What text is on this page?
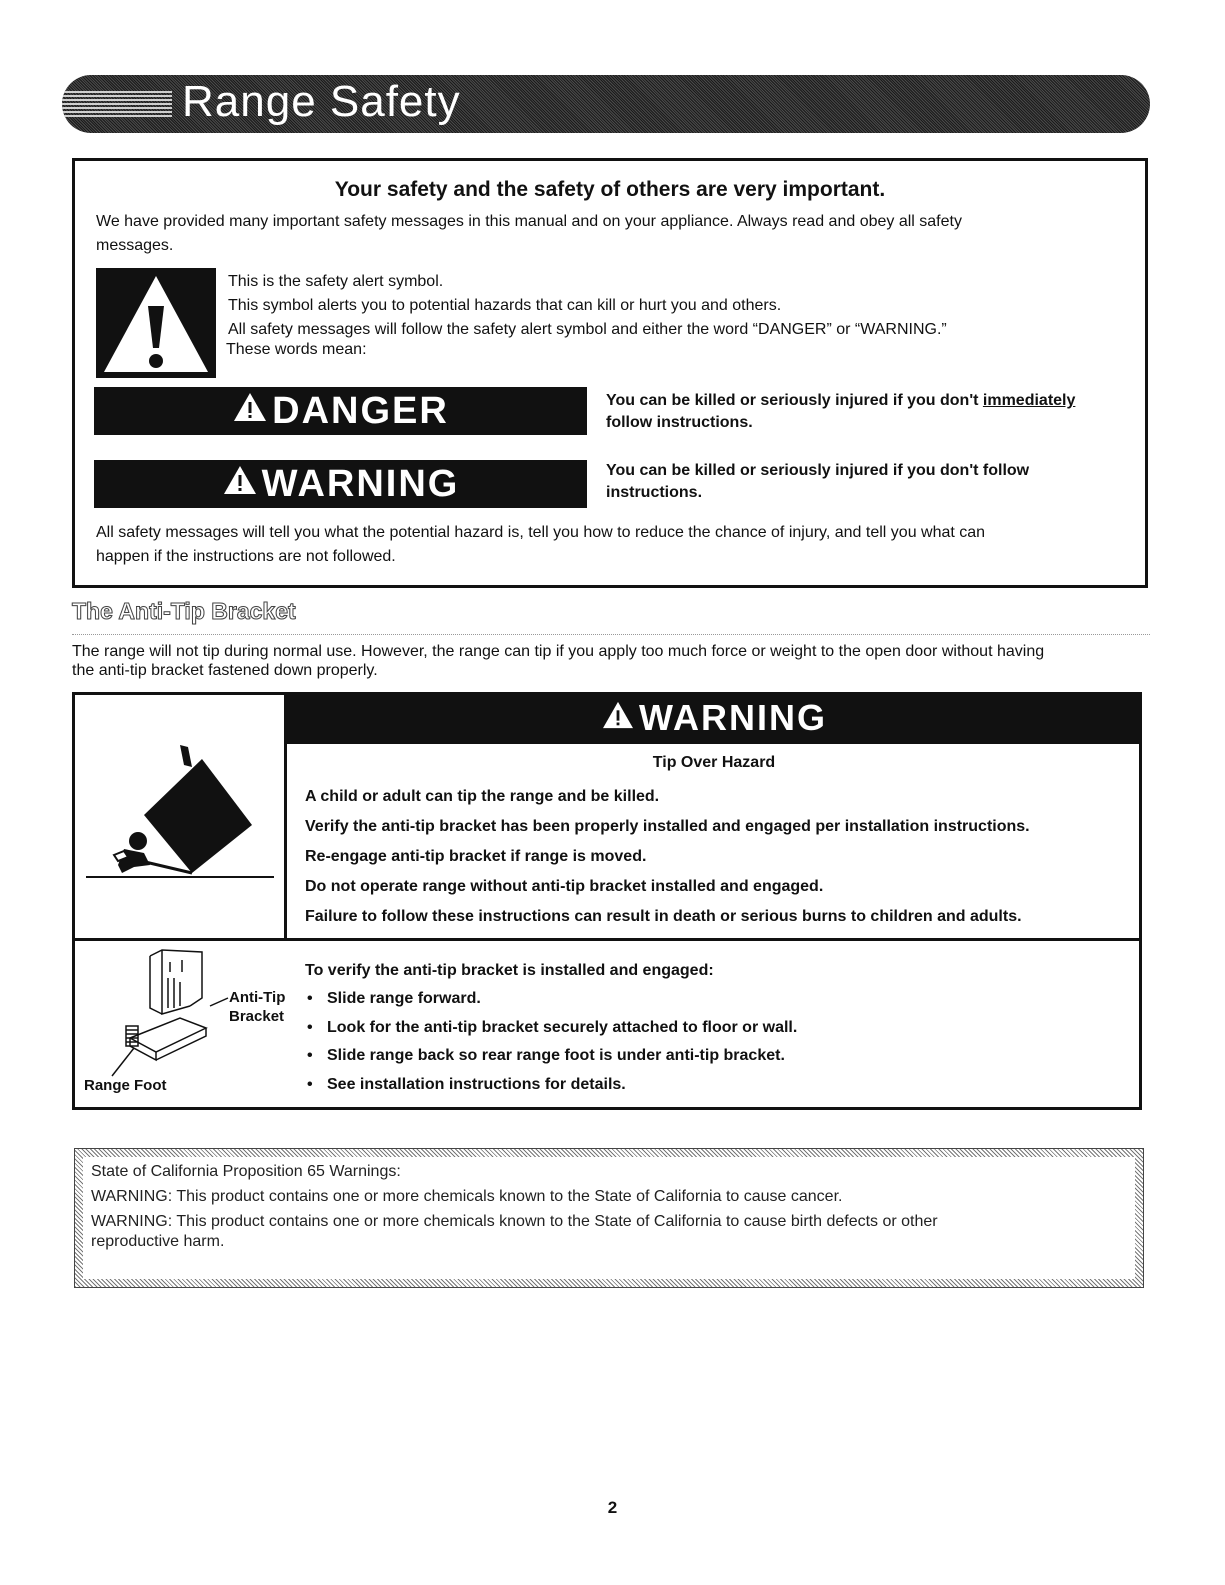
Range Safety
Your safety and the safety of others are very important.
We have provided many important safety messages in this manual and on your appliance. Always read and obey all safety
messages.
This is the safety alert symbol.
This symbol alerts you to potential hazards that can kill or hurt you and others.
All safety messages will follow the safety alert symbol and either the word “DANGER” or “WARNING.”
These words mean:
DANGER	You can be killed or seriously injured if you don't immediately
follow instructions.
WARNING	You can be killed or seriously injured if you don't follow
instructions.
All safety messages will tell you what the potential hazard is, tell you how to reduce the chance of injury, and tell you what can
happen if the instructions are not followed.
The Anti-Tip Bracket
The range will not tip during normal use. However, the range can tip if you apply too much force or weight to the open door without having
the anti-tip bracket fastened down properly.
WARNING
Tip Over Hazard
A child or adult can tip the range and be killed.
Verify the anti-tip bracket has been properly installed and engaged per installation instructions.
Re-engage anti-tip bracket if range is moved.
Do not operate range without anti-tip bracket installed and engaged.
Failure to follow these instructions can result in death or serious burns to children and adults.
Anti-Tip
Bracket
Range Foot
To verify the anti-tip bracket is installed and engaged:
• Slide range forward.
• Look for the anti-tip bracket securely attached to floor or wall.
• Slide range back so rear range foot is under anti-tip bracket.
• See installation instructions for details.
State of California Proposition 65 Warnings:
WARNING: This product contains one or more chemicals known to the State of California to cause cancer.
WARNING: This product contains one or more chemicals known to the State of California to cause birth defects or other
reproductive harm.
2
